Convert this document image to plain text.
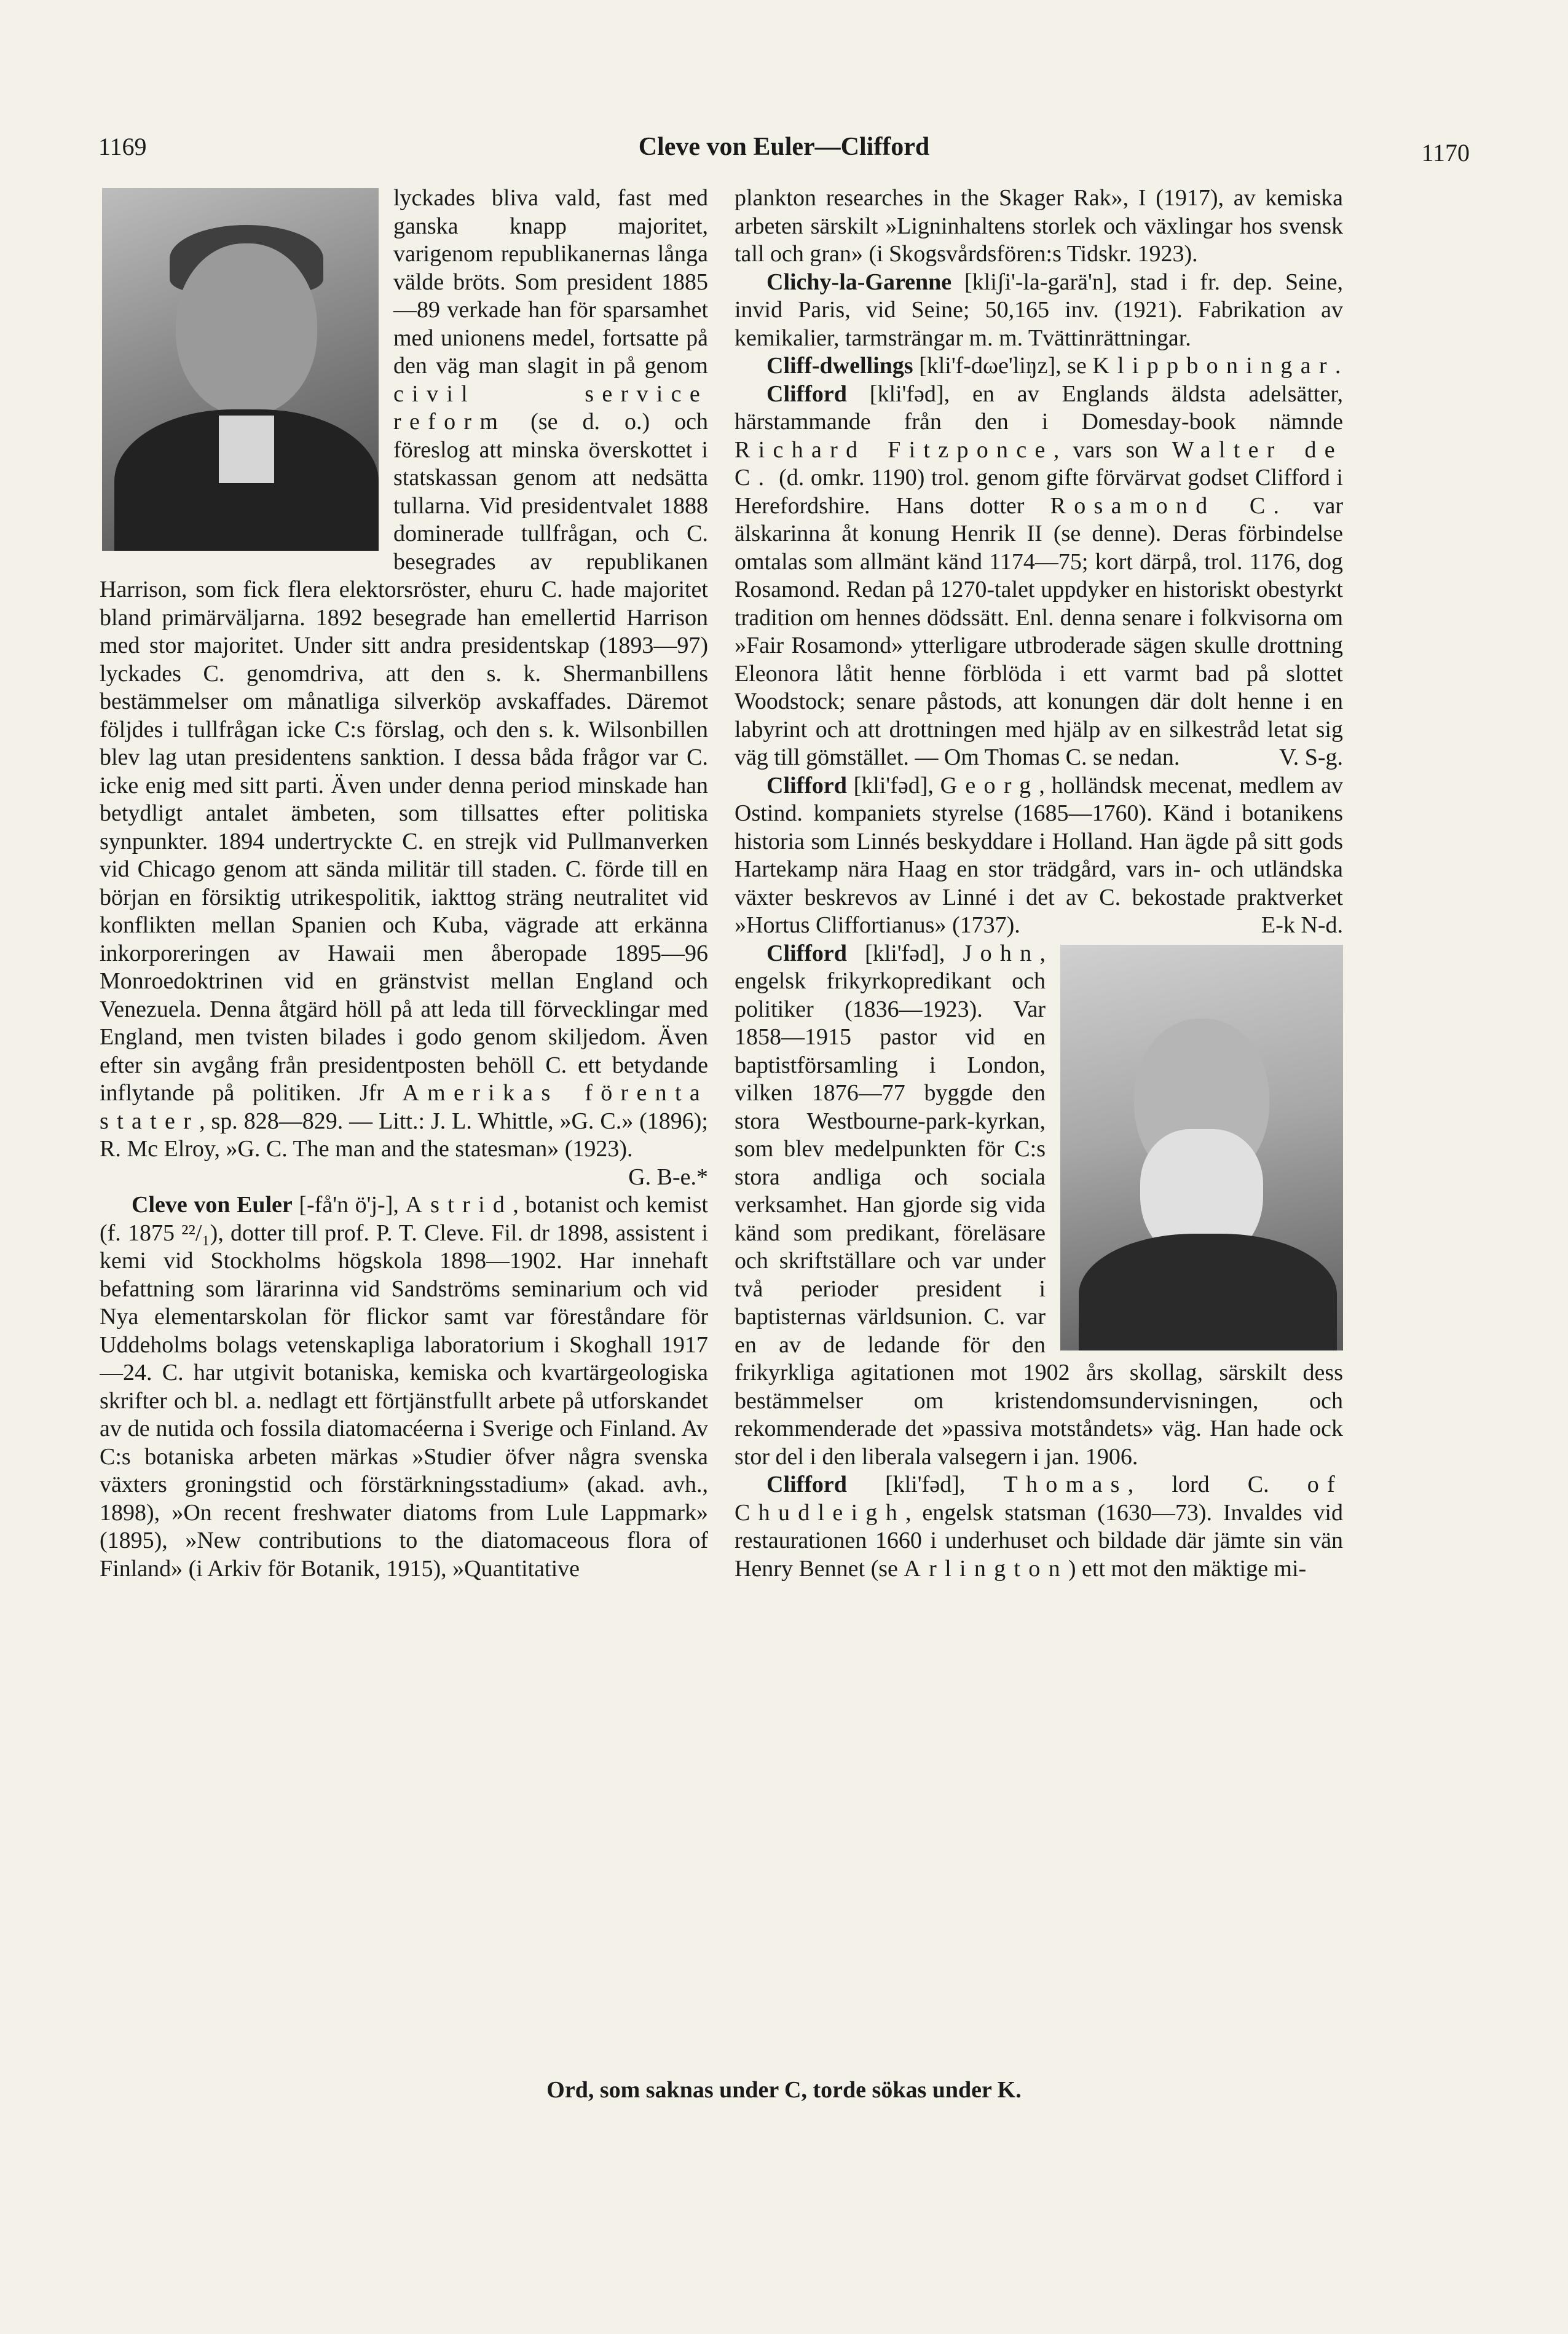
1169	Cleve von Euler—Clifford	1170

lyckades bliva vald, fast med ganska knapp majoritet, varigenom republikanernas långa välde bröts. Som president 1885—89 verkade han för sparsamhet med unionens medel, fortsatte på den väg man slagit in på genom civil service reform (se d. o.) och föreslog att minska överskottet i statskassan genom att nedsätta tullarna. Vid presidentvalet 1888 dominerade tullfrågan, och C. besegrades av republikanen Harrison, som fick flera elektorsröster, ehuru C. hade majoritet bland primärväljarna. 1892 besegrade han emellertid Harrison med stor majoritet. Under sitt andra presidentskap (1893—97) lyckades C. genomdriva, att den s. k. Shermanbillens bestämmelser om månatliga silverköp avskaffades. Däremot följdes i tullfrågan icke C:s förslag, och den s. k. Wilsonbillen blev lag utan presidentens sanktion. I dessa båda frågor var C. icke enig med sitt parti. Även under denna period minskade han betydligt antalet ämbeten, som tillsattes efter politiska synpunkter. 1894 undertryckte C. en strejk vid Pullmanverken vid Chicago genom att sända militär till staden. C. förde till en början en försiktig utrikespolitik, iakttog sträng neutralitet vid konflikten mellan Spanien och Kuba, vägrade att erkänna inkorporeringen av Hawaii men åberopade 1895—96 Monroedoktrinen vid en gränstvist mellan England och Venezuela. Denna åtgärd höll på att leda till förvecklingar med England, men tvisten bilades i godo genom skiljedom. Även efter sin avgång från presidentposten behöll C. ett betydande inflytande på politiken. Jfr Amerikas förenta stater, sp. 828—829. — Litt.: J. L. Whittle, »G. C.» (1896); R. Mc Elroy, »G. C. The man and the statesman» (1923).
G. B-e.*

Cleve von Euler [-få'n ö'j-], Astrid, botanist och kemist (f. 1875 ²²/₁), dotter till prof. P. T. Cleve. Fil. dr 1898, assistent i kemi vid Stockholms högskola 1898—1902. Har innehaft befattning som lärarinna vid Sandströms seminarium och vid Nya elementarskolan för flickor samt var föreståndare för Uddeholms bolags vetenskapliga laboratorium i Skoghall 1917—24. C. har utgivit botaniska, kemiska och kvartärgeologiska skrifter och bl. a. nedlagt ett förtjänstfullt arbete på utforskandet av de nutida och fossila diatomacéerna i Sverige och Finland. Av C:s botaniska arbeten märkas »Studier öfver några svenska växters groningstid och förstärkningsstadium» (akad. avh., 1898), »On recent freshwater diatoms from Lule Lappmark» (1895), »New contributions to the diatomaceous flora of Finland» (i Arkiv för Botanik, 1915), »Quantitative

plankton researches in the Skager Rak», I (1917), av kemiska arbeten särskilt »Ligninhaltens storlek och växlingar hos svensk tall och gran» (i Skogsvårdsfören:s Tidskr. 1923).

Clichy-la-Garenne [kliʃi'-la-garä'n], stad i fr. dep. Seine, invid Paris, vid Seine; 50,165 inv. (1921). Fabrikation av kemikalier, tarmsträngar m. m. Tvättinrättningar.

Cliff-dwellings [kli'f-dωe'liŋz], se Klippboningar.

Clifford [kli'fəd], en av Englands äldsta adelsätter, härstammande från den i Domesday-book nämnde Richard Fitzponce, vars son Walter de C. (d. omkr. 1190) trol. genom gifte förvärvat godset Clifford i Herefordshire. Hans dotter Rosamond C. var älskarinna åt konung Henrik II (se denne). Deras förbindelse omtalas som allmänt känd 1174—75; kort därpå, trol. 1176, dog Rosamond. Redan på 1270-talet uppdyker en historiskt obestyrkt tradition om hennes dödssätt. Enl. denna senare i folkvisorna om »Fair Rosamond» ytterligare utbroderade sägen skulle drottning Eleonora låtit henne förblöda i ett varmt bad på slottet Woodstock; senare påstods, att konungen där dolt henne i en labyrint och att drottningen med hjälp av en silkestråd letat sig väg till gömstället. — Om Thomas C. se nedan.	V. S-g.

Clifford [kli'fəd], Georg, holländsk mecenat, medlem av Ostind. kompaniets styrelse (1685—1760). Känd i botanikens historia som Linnés beskyddare i Holland. Han ägde på sitt gods Hartekamp nära Haag en stor trädgård, vars in- och utländska växter beskrevos av Linné i det av C. bekostade praktverket »Hortus Cliffortianus» (1737).	E-k N-d.

Clifford [kli'fəd], John, engelsk frikyrkopredikant och politiker (1836—1923). Var 1858—1915 pastor vid en baptistförsamling i London, vilken 1876—77 byggde den stora Westbourne-park-kyrkan, som blev medelpunkten för C:s stora andliga och sociala verksamhet. Han gjorde sig vida känd som predikant, föreläsare och skriftställare och var under två perioder president i baptisternas världsunion. C. var en av de ledande för den frikyrkliga agitationen mot 1902 års skollag, särskilt dess bestämmelser om kristendomsundervisningen, och rekommenderade det »passiva motståndets» väg. Han hade ock stor del i den liberala valsegern i jan. 1906.

Clifford [kli'fəd], Thomas, lord C. of Chudleigh, engelsk statsman (1630—73). Invaldes vid restaurationen 1660 i underhuset och bildade där jämte sin vän Henry Bennet (se Arlington) ett mot den mäktige mi-

Ord, som saknas under C, torde sökas under K.
